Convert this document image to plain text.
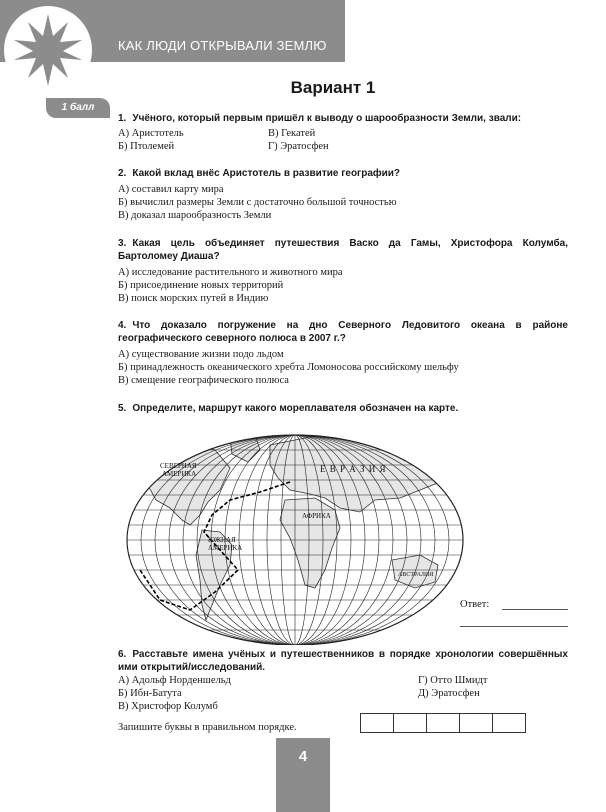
КАК ЛЮДИ ОТКРЫВАЛИ ЗЕМЛЮ
1 балл
Вариант 1
1. Учёного, который первым пришёл к выводу о шарообразности Земли, звали:
А) Аристотель
Б) Птолемей
В) Гекатей
Г) Эратосфен
2. Какой вклад внёс Аристотель в развитие географии?
А) составил карту мира
Б) вычислил размеры Земли с достаточно большой точностью
В) доказал шарообразность Земли
3. Какая цель объединяет путешествия Васко да Гамы, Христофора Колумба, Бартоломеу Диаша?
А) исследование растительного и животного мира
Б) присоединение новых территорий
В) поиск морских путей в Индию
4. Что доказало погружение на дно Северного Ледовитого океана в районе географического северного полюса в 2007 г.?
А) существование жизни подо льдом
Б) принадлежность океанического хребта Ломоносова российскому шельфу
В) смещение географического полюса
5. Определите, маршрут какого мореплавателя обозначен на карте.
СЕВЕРНАЯ
АМЕРИКА	Е В Р А З И Я
АФРИКА
ЮЖНАЯ
АМЕРИКА
АВСТРАЛИЯ
Ответ:
6. Расставьте имена учёных и путешественников в порядке хронологии совершённых ими открытий/исследований.
А) Адольф Норденшельд
Б) Ибн-Батута
В) Христофор Колумб
Г) Отто Шмидт
Д) Эратосфен
Запишите буквы в правильном порядке.
4
